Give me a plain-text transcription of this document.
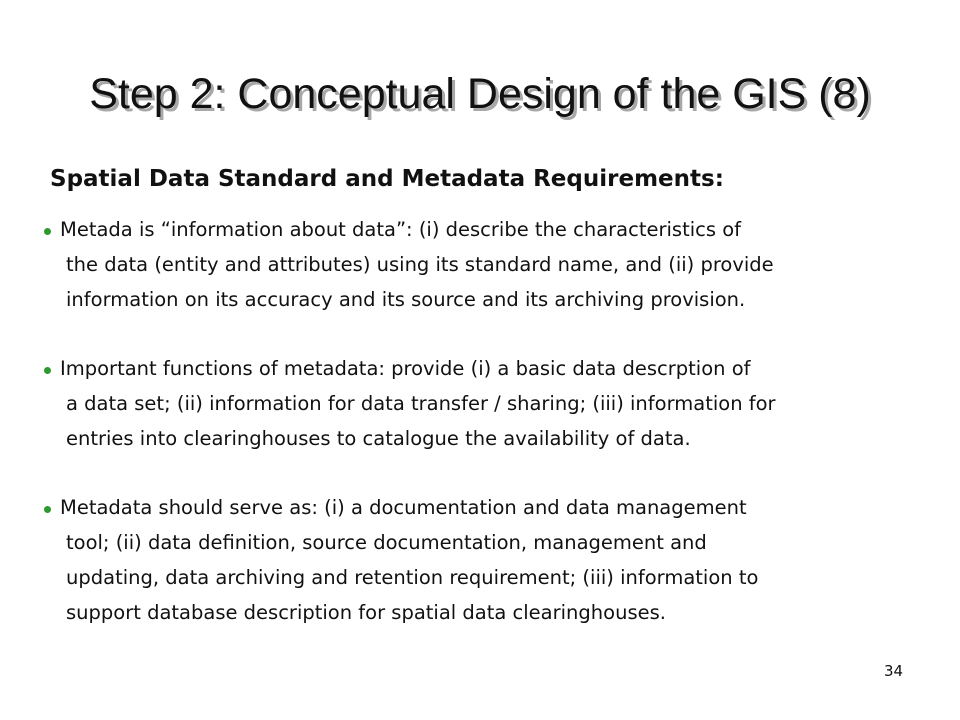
Step 2: Conceptual Design of the GIS (8)
Spatial Data Standard and Metadata Requirements:
Metada is “information about data”: (i) describe the characteristics of
the data (entity and attributes) using its standard name, and (ii) provide
information on its accuracy and its source and its archiving provision.
Important functions of metadata: provide (i) a basic data descrption of
a data set; (ii) information for data transfer / sharing; (iii) information for
entries into clearinghouses to catalogue the availability of data.
Metadata should serve as: (i) a documentation and data management
tool; (ii) data definition, source documentation, management and
updating, data archiving and retention requirement; (iii) information to
support database description for spatial data clearinghouses.
34
